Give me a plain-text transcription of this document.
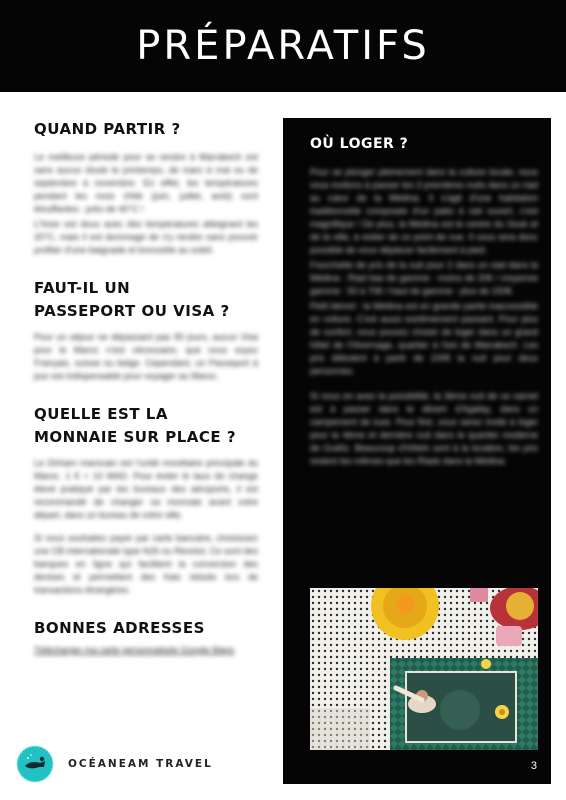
PRÉPARATIFS
QUAND PARTIR ?

Le meilleure période pour se rendre à Marrakech est sans aucun doute le printemps, de mars à mai ou de septembre à novembre. En effet, les températures pendant les mois d'été (juin, juillet, août) sont étouffantes : près de 40°C !

L'hiver est doux avec des températures atteignant les 20°C, mais il est dommage de s'y rendre sans pouvoir profiter d'une baignade et bronzette au soleil.

FAUT-IL UN
PASSEPORT OU VISA ?

Pour un séjour ne dépassant pas 90 jours, aucun Visa pour le Maroc n'est nécessaire, que vous soyez Français, suisse ou belge. Cependant, un Passeport à jour est indispensable pour voyager au Maroc.

QUELLE EST LA
MONNAIE SUR PLACE ?

Le Dirham marocain est l'unité monétaire principale du Maroc. 1 € = 10 MAD. Pour éviter le taux de change élevé pratiqué par les bureaux des aéroports, il est recommandé de changer sa monnaie avant votre départ, dans un bureau de votre ville.

Si vous souhaitez payer par carte bancaire, choisissez une CB internationale type N26 ou Revolut. Ce sont des banques en ligne qui facilitent la conversion des devises et permettent des frais réduits lors de transactions étrangères.

BONNES ADRESSES

Télécharger ma carte personnalisée Google Maps

OÙ LOGER ?

Pour se plonger pleinement dans la culture locale, nous vous invitons à passer les 3 premières nuits dans un riad au cœur de la Médina. Il s'agit d'une habitation traditionnelle composée d'un patio à ciel ouvert, c'est magnifique ! De plus, la Médina est le centre du Souk et de la ville, à visiter de ce point de vue. Il vous sera donc possible de vous déplacer facilement à pied.

Fourchette de prix de la nuit pour 2 dans un riad dans la Médina : Riad bas de gamme : moins de 20€ / moyenne gamme : 50 à 70€ / haut de gamme : plus de 150€.

Petit bémol : la Médina est en grande partie inaccessible en voiture. C'est aussi extrêmement passant. Pour plus de confort, vous pouvez choisir de loger dans un grand hôtel de l'Hivernage, quartier à l'est de Marrakech. Les prix débutent à partir de 100€ la nuit pour deux personnes.

Si vous en avez la possibilité, la 3ème nuit de ce carnet est à passer dans le désert d'Agafay, dans un campement de luxe. Pour finir, vous serez invité à loger pour la 4ème et dernière nuit dans le quartier moderne de Guéliz. Beaucoup d'hôtels sont à la location, les prix restent les mêmes que les Riads dans la Médina.

3

OCÉANEAM TRAVEL
